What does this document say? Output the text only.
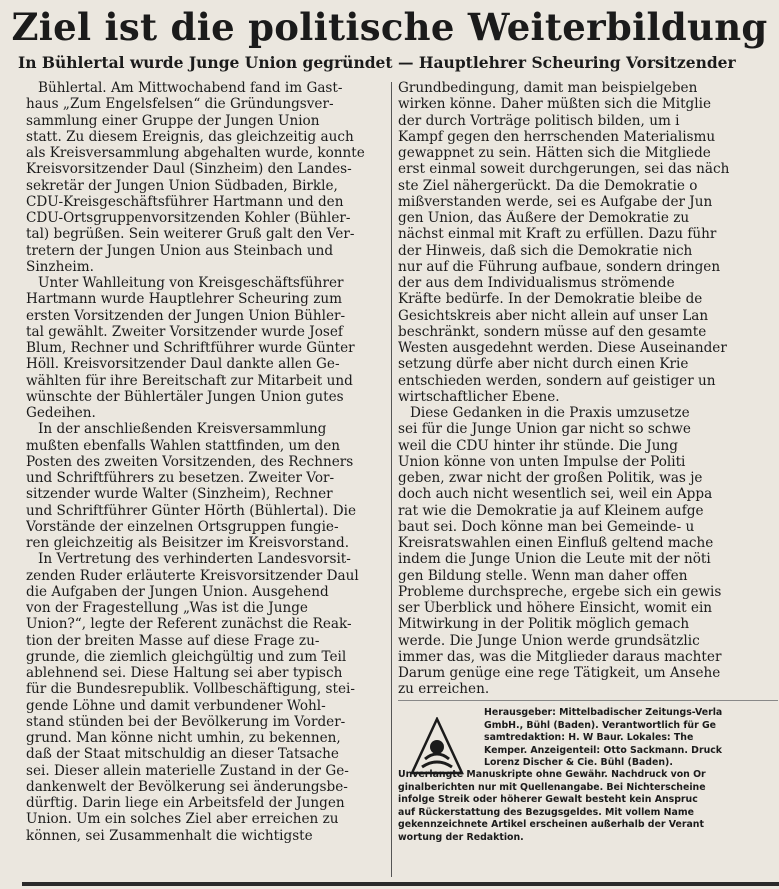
Ziel ist die politische Weiterbildung
In Bühlertal wurde Junge Union gegründet — Hauptlehrer Scheuring Vorsitzender
Bühlertal. Am Mittwochabend fand im Gast-
haus „Zum Engelsfelsen“ die Gründungsver-
sammlung einer Gruppe der Jungen Union
statt. Zu diesem Ereignis, das gleichzeitig auch
als Kreisversammlung abgehalten wurde, konnte
Kreisvorsitzender Daul (Sinzheim) den Landes-
sekretär der Jungen Union Südbaden, Birkle,
CDU-Kreisgeschäftsführer Hartmann und den
CDU-Ortsgruppenvorsitzenden Kohler (Bühler-
tal) begrüßen. Sein weiterer Gruß galt den Ver-
tretern der Jungen Union aus Steinbach und
Sinzheim.
Unter Wahlleitung von Kreisgeschäftsführer
Hartmann wurde Hauptlehrer Scheuring zum
ersten Vorsitzenden der Jungen Union Bühler-
tal gewählt. Zweiter Vorsitzender wurde Josef
Blum, Rechner und Schriftführer wurde Günter
Höll. Kreisvorsitzender Daul dankte allen Ge-
wählten für ihre Bereitschaft zur Mitarbeit und
wünschte der Bühlertäler Jungen Union gutes
Gedeihen.
In der anschließenden Kreisversammlung
mußten ebenfalls Wahlen stattfinden, um den
Posten des zweiten Vorsitzenden, des Rechners
und Schriftführers zu besetzen. Zweiter Vor-
sitzender wurde Walter (Sinzheim), Rechner
und Schriftführer Günter Hörth (Bühlertal). Die
Vorstände der einzelnen Ortsgruppen fungie-
ren gleichzeitig als Beisitzer im Kreisvorstand.
In Vertretung des verhinderten Landesvorsit-
zenden Ruder erläuterte Kreisvorsitzender Daul
die Aufgaben der Jungen Union. Ausgehend
von der Fragestellung „Was ist die Junge
Union?“, legte der Referent zunächst die Reak-
tion der breiten Masse auf diese Frage zu-
grunde, die ziemlich gleichgültig und zum Teil
ablehnend sei. Diese Haltung sei aber typisch
für die Bundesrepublik. Vollbeschäftigung, stei-
gende Löhne und damit verbundener Wohl-
stand stünden bei der Bevölkerung im Vorder-
grund. Man könne nicht umhin, zu bekennen,
daß der Staat mitschuldig an dieser Tatsache
sei. Dieser allein materielle Zustand in der Ge-
dankenwelt der Bevölkerung sei änderungsbe-
dürftig. Darin liege ein Arbeitsfeld der Jungen
Union. Um ein solches Ziel aber erreichen zu
können, sei Zusammenhalt die wichtigste
Grundbedingung, damit man beispielgeben
wirken könne. Daher müßten sich die Mitglie
der durch Vorträge politisch bilden, um i
Kampf gegen den herrschenden Materialismu
gewappnet zu sein. Hätten sich die Mitgliede
erst einmal soweit durchgerungen, sei das näch
ste Ziel nähergerückt. Da die Demokratie o
mißverstanden werde, sei es Aufgabe der Jun
gen Union, das Äußere der Demokratie zu
nächst einmal mit Kraft zu erfüllen. Dazu führ
der Hinweis, daß sich die Demokratie nich
nur auf die Führung aufbaue, sondern dringen
der aus dem Individualismus strömende
Kräfte bedürfe. In der Demokratie bleibe de
Gesichtskreis aber nicht allein auf unser Lan
beschränkt, sondern müsse auf den gesamte
Westen ausgedehnt werden. Diese Auseinander
setzung dürfe aber nicht durch einen Krie
entschieden werden, sondern auf geistiger un
wirtschaftlicher Ebene.
Diese Gedanken in die Praxis umzusetze
sei für die Junge Union gar nicht so schwe
weil die CDU hinter ihr stünde. Die Jung
Union könne von unten Impulse der Politi
geben, zwar nicht der großen Politik, was je
doch auch nicht wesentlich sei, weil ein Appa
rat wie die Demokratie ja auf Kleinem aufge
baut sei. Doch könne man bei Gemeinde- u
Kreisratswahlen einen Einfluß geltend mache
indem die Junge Union die Leute mit der nöti
gen Bildung stelle. Wenn man daher offen
Probleme durchspreche, ergebe sich ein gewis
ser Überblick und höhere Einsicht, womit ein
Mitwirkung in der Politik möglich gemach
werde. Die Junge Union werde grundsätzlic
immer das, was die Mitglieder daraus machter
Darum genüge eine rege Tätigkeit, um Ansehe
zu erreichen.
Herausgeber: Mittelbadischer Zeitungs-Verla
GmbH., Bühl (Baden). Verantwortlich für Ge
samtredaktion: H. W Baur. Lokales: The
Kemper. Anzeigenteil: Otto Sackmann. Druck
Lorenz Discher & Cie. Bühl (Baden).
Unverlangte Manuskripte ohne Gewähr. Nachdruck von Or
ginalberichten nur mit Quellenangabe. Bei Nichterscheine
infolge Streik oder höherer Gewalt besteht kein Anspruc
auf Rückerstattung des Bezugsgeldes. Mit vollem Name
gekennzeichnete Artikel erscheinen außerhalb der Verant
wortung der Redaktion.
